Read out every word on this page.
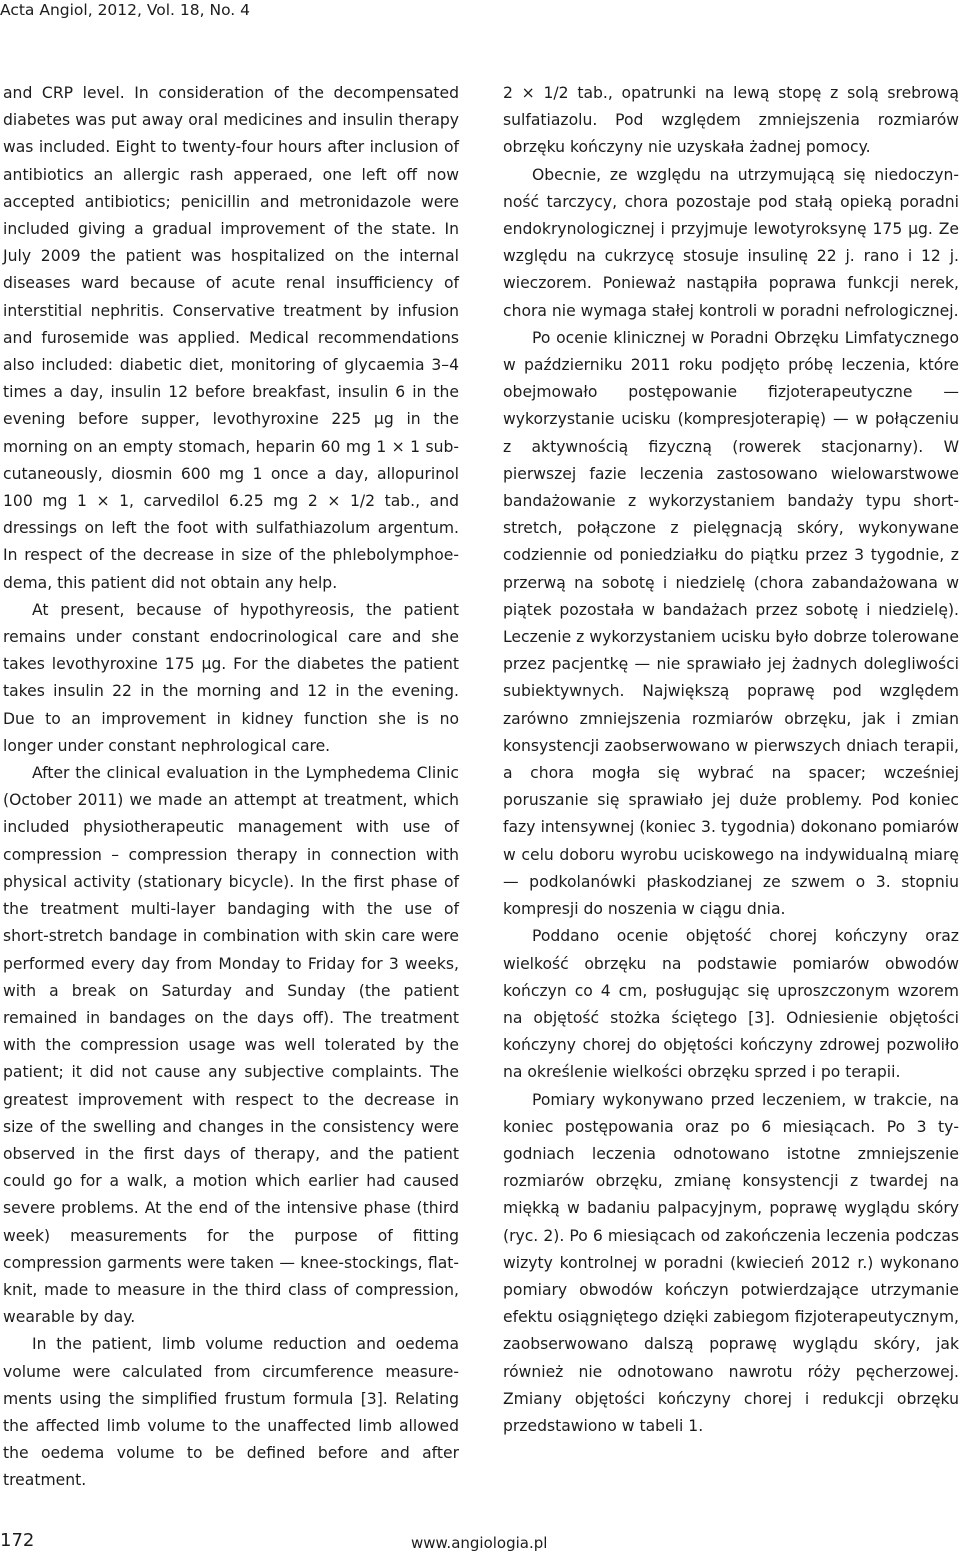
Acta Angiol, 2012, Vol. 18, No. 4

and CRP level. In consideration of the decompensated diabetes was put away oral medicines and insulin therapy was included. Eight to twenty-four hours after inclusion of antibiotics an allergic rash apperaed, one left off now accepted antibiotics; penicillin and metronidazole were included giving a gradual improvement of the state. In July 2009 the patient was hospitalized on the internal diseases ward because of acute renal insufficiency of interstitial nephritis. Conservative treatment by infusion and furosemide was applied. Medical recommendations also included: diabetic diet, monitoring of glycaemia 3–4 times a day, insulin 12 before breakfast, insulin 6 in the evening before supper, levothyroxine 225 μg in the morning on an empty stomach, heparin 60 mg 1 × 1 subcutaneously, diosmin 600 mg 1 once a day, allopurinol 100 mg 1 × 1, carvedilol 6.25 mg 2 × 1/2 tab., and dressings on left the foot with sulfathiazolum argentum. In respect of the decrease in size of the phlebolymphoedema, this patient did not obtain any help.

At present, because of hypothyreosis, the patient remains under constant endocrinological care and she takes levothyroxine 175 μg. For the diabetes the patient takes insulin 22 in the morning and 12 in the evening. Due to an improvement in kidney function she is no longer under constant nephrological care.

After the clinical evaluation in the Lymphedema Clinic (October 2011) we made an attempt at treatment, which included physiotherapeutic management with use of compression – compression therapy in connection with physical activity (stationary bicycle). In the first phase of the treatment multi-layer bandaging with the use of short-stretch bandage in combination with skin care were performed every day from Monday to Friday for 3 weeks, with a break on Saturday and Sunday (the patient remained in bandages on the days off). The treatment with the compression usage was well tolerated by the patient; it did not cause any subjective complaints. The greatest improvement with respect to the decrease in size of the swelling and changes in the consistency were observed in the first days of therapy, and the patient could go for a walk, a motion which earlier had caused severe problems. At the end of the intensive phase (third week) measurements for the purpose of fitting compression garments were taken — knee-stockings, flat-knit, made to measure in the third class of compression, wearable by day.

In the patient, limb volume reduction and oedema volume were calculated from circumference measurements using the simplified frustum formula [3]. Relating the affected limb volume to the unaffected limb allowed the oedema volume to be defined before and after treatment.

2 × 1/2 tab., opatrunki na lewą stopę z solą srebrową sulfatiazolu. Pod względem zmniejszenia rozmiarów obrzęku kończyny nie uzyskała żadnej pomocy.

Obecnie, ze względu na utrzymującą się niedoczynność tarczycy, chora pozostaje pod stałą opieką poradni endokrynologicznej i przyjmuje lewotyroksynę 175 μg. Ze względu na cukrzycę stosuje insulinę 22 j. rano i 12 j. wieczorem. Ponieważ nastąpiła poprawa funkcji nerek, chora nie wymaga stałej kontroli w poradni nefrologicznej.

Po ocenie klinicznej w Poradni Obrzęku Limfatycznego w październiku 2011 roku podjęto próbę leczenia, które obejmowało postępowanie fizjoterapeutyczne — wykorzystanie ucisku (kompresjoterapię) — w połączeniu z aktywnością fizyczną (rowerek stacjonarny). W pierwszej fazie leczenia zastosowano wielowarstwowe bandażowanie z wykorzystaniem bandaży typu short-stretch, połączone z pielęgnacją skóry, wykonywane codziennie od poniedziałku do piątku przez 3 tygodnie, z przerwą na sobotę i niedzielę (chora zabandażowana w piątek pozostała w bandażach przez sobotę i niedzielę). Leczenie z wykorzystaniem ucisku było dobrze tolerowane przez pacjentkę — nie sprawiało jej żadnych dolegliwości subiektywnych. Największą poprawę pod względem zarówno zmniejszenia rozmiarów obrzęku, jak i zmian konsystencji zaobserwowano w pierwszych dniach terapii, a chora mogła się wybrać na spacer; wcześniej poruszanie się sprawiało jej duże problemy. Pod koniec fazy intensywnej (koniec 3. tygodnia) dokonano pomiarów w celu doboru wyrobu uciskowego na indywidualną miarę — podkolanówki płaskodzianej ze szwem o 3. stopniu kompresji do noszenia w ciągu dnia.

Poddano ocenie objętość chorej kończyny oraz wielkość obrzęku na podstawie pomiarów obwodów kończyn co 4 cm, posługując się uproszczonym wzorem na objętość stożka ściętego [3]. Odniesienie objętości kończyny chorej do objętości kończyny zdrowej pozwoliło na określenie wielkości obrzęku sprzed i po terapii.

Pomiary wykonywano przed leczeniem, w trakcie, na koniec postępowania oraz po 6 miesiącach. Po 3 tygodniach leczenia odnotowano istotne zmniejszenie rozmiarów obrzęku, zmianę konsystencji z twardej na miękką w badaniu palpacyjnym, poprawę wyglądu skóry (ryc. 2). Po 6 miesiącach od zakończenia leczenia podczas wizyty kontrolnej w poradni (kwiecień 2012 r.) wykonano pomiary obwodów kończyn potwierdzające utrzymanie efektu osiągniętego dzięki zabiegom fizjoterapeutycznym, zaobserwowano dalszą poprawę wyglądu skóry, jak również nie odnotowano nawrotu róży pęcherzowej. Zmiany objętości kończyny chorej i redukcji obrzęku przedstawiono w tabeli 1.

172	www.angiologia.pl
